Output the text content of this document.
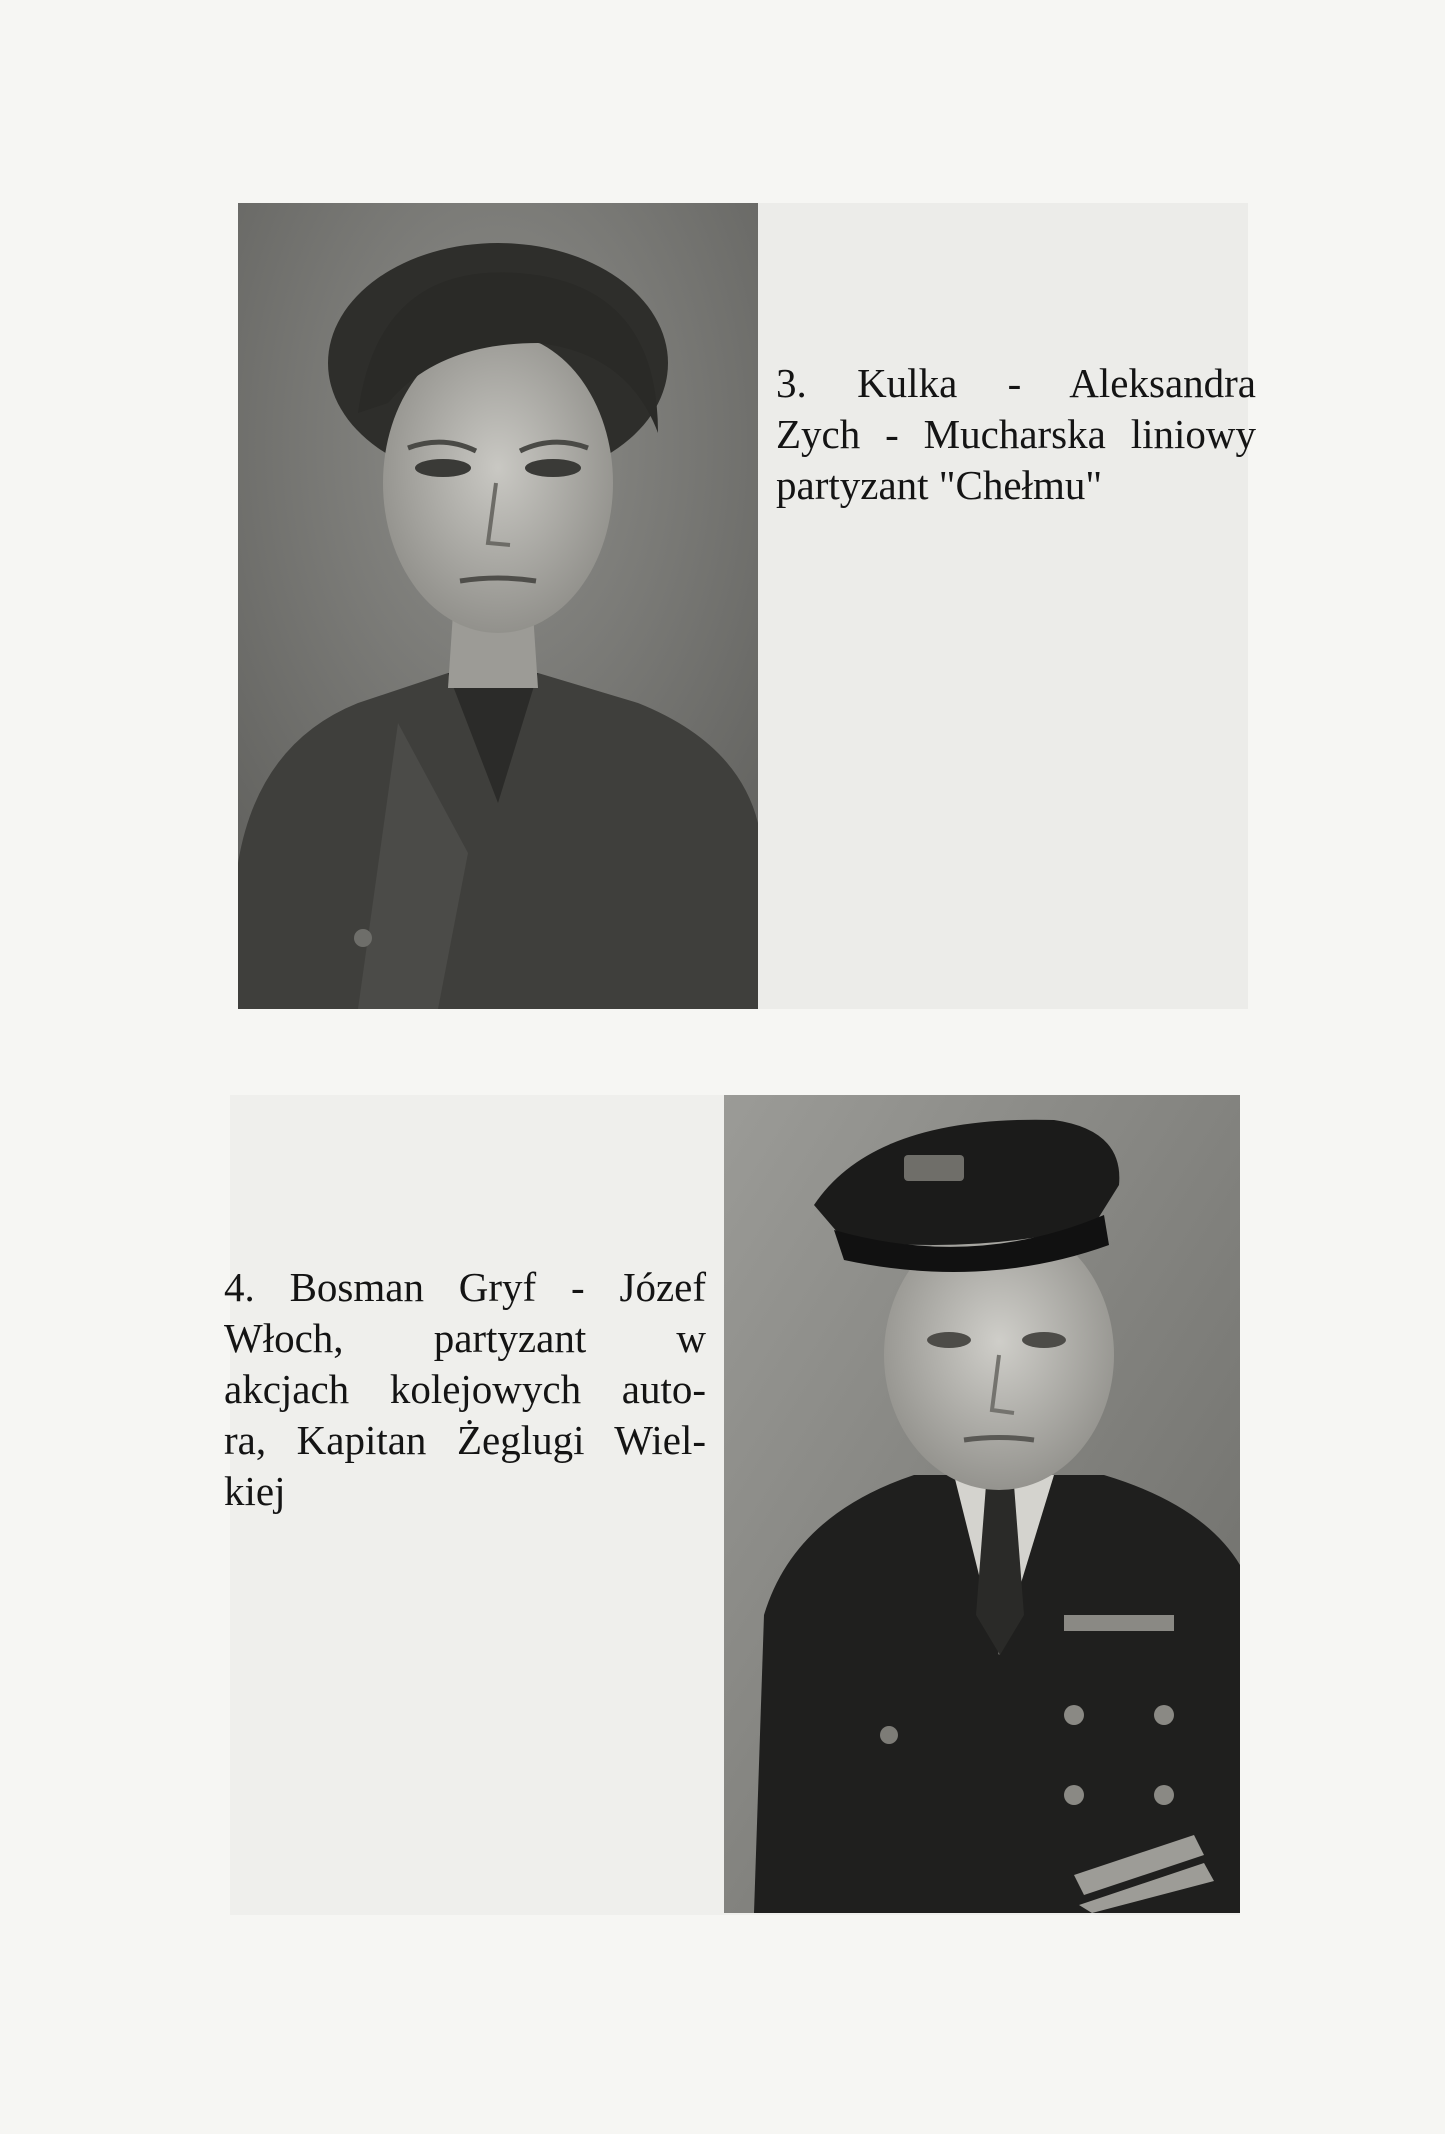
3. Kulka - Aleksandra
Zych - Mucharska liniowy
partyzant "Chełmu"

4. Bosman Gryf - Józef
Włoch, partyzant w
akcjach kolejowych auto-
ra, Kapitan Żeglugi Wiel-
kiej
